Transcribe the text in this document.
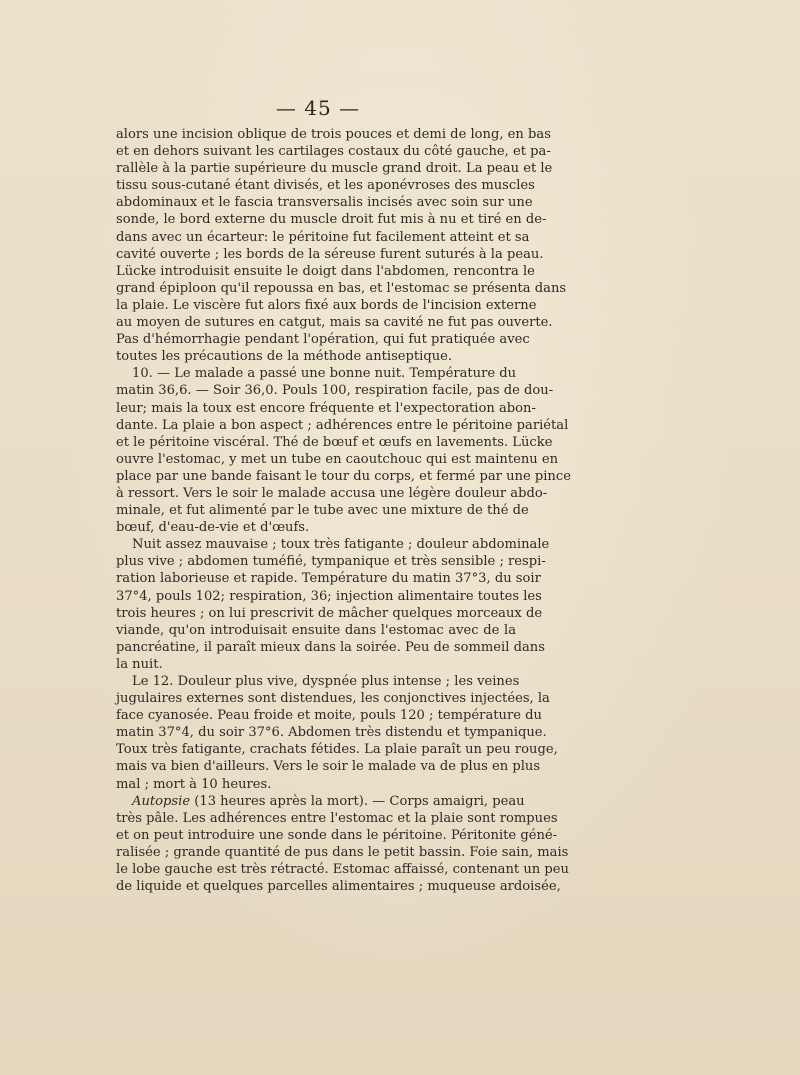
— 45 —
alors une incision oblique de trois pouces et demi de long, en bas
et en dehors suivant les cartilages costaux du côté gauche, et pa-
rallèle à la partie supérieure du muscle grand droit. La peau et le
tissu sous-cutané étant divisés, et les aponévroses des muscles
abdominaux et le fascia transversalis incisés avec soin sur une
sonde, le bord externe du muscle droit fut mis à nu et tiré en de-
dans avec un écarteur: le péritoine fut facilement atteint et sa
cavité ouverte ; les bords de la séreuse furent suturés à la peau.
Lücke introduisit ensuite le doigt dans l'abdomen, rencontra le
grand épiploon qu'il repoussa en bas, et l'estomac se présenta dans
la plaie. Le viscère fut alors fixé aux bords de l'incision externe
au moyen de sutures en catgut, mais sa cavité ne fut pas ouverte.
Pas d'hémorrhagie pendant l'opération, qui fut pratiquée avec
toutes les précautions de la méthode antiseptique.
10. — Le malade a passé une bonne nuit. Température du
matin 36,6. — Soir 36,0. Pouls 100, respiration facile, pas de dou-
leur; mais la toux est encore fréquente et l'expectoration abon-
dante. La plaie a bon aspect ; adhérences entre le péritoine pariétal
et le péritoine viscéral. Thé de bœuf et œufs en lavements. Lücke
ouvre l'estomac, y met un tube en caoutchouc qui est maintenu en
place par une bande faisant le tour du corps, et fermé par une pince
à ressort. Vers le soir le malade accusa une légère douleur abdo-
minale, et fut alimenté par le tube avec une mixture de thé de
bœuf, d'eau-de-vie et d'œufs.
Nuit assez mauvaise ; toux très fatigante ; douleur abdominale
plus vive ; abdomen tuméfié, tympanique et très sensible ; respi-
ration laborieuse et rapide. Température du matin 37°3, du soir
37°4, pouls 102; respiration, 36; injection alimentaire toutes les
trois heures ; on lui prescrivit de mâcher quelques morceaux de
viande, qu'on introduisait ensuite dans l'estomac avec de la
pancréatine, il paraît mieux dans la soirée. Peu de sommeil dans
la nuit.
Le 12. Douleur plus vive, dyspnée plus intense ; les veines
jugulaires externes sont distendues, les conjonctives injectées, la
face cyanosée. Peau froide et moite, pouls 120 ; température du
matin 37°4, du soir 37°6. Abdomen très distendu et tympanique.
Toux très fatigante, crachats fétides. La plaie paraît un peu rouge,
mais va bien d'ailleurs. Vers le soir le malade va de plus en plus
mal ; mort à 10 heures.
Autopsie (13 heures après la mort). — Corps amaigri, peau
très pâle. Les adhérences entre l'estomac et la plaie sont rompues
et on peut introduire une sonde dans le péritoine. Péritonite géné-
ralisée ; grande quantité de pus dans le petit bassin. Foie sain, mais
le lobe gauche est très rétracté. Estomac affaissé, contenant un peu
de liquide et quelques parcelles alimentaires ; muqueuse ardoisée,
